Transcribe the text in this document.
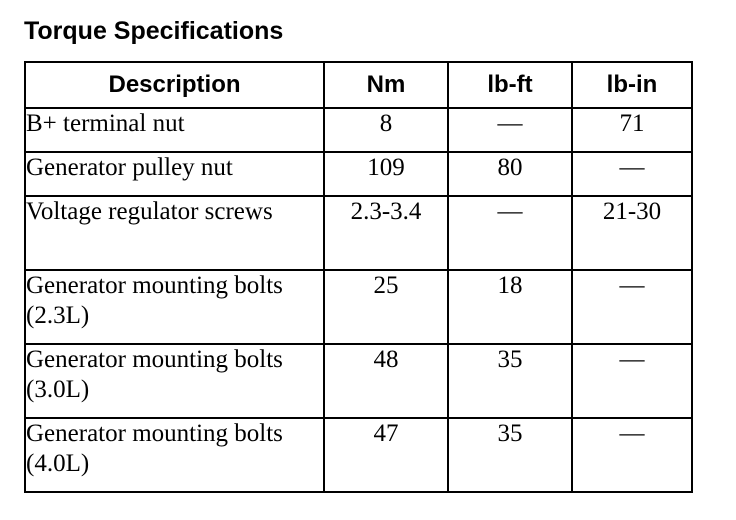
Torque Specifications
Description	Nm	lb-ft	lb-in
B+ terminal nut	8	—	71
Generator pulley nut	109	80	—
Voltage regulator screws	2.3-3.4	—	21-30
Generator mounting bolts (2.3L)	25	18	—
Generator mounting bolts (3.0L)	48	35	—
Generator mounting bolts (4.0L)	47	35	—
